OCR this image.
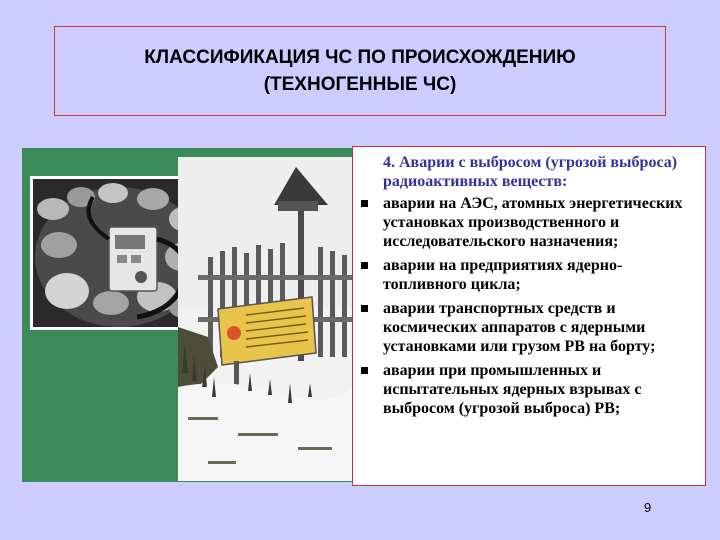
КЛАССИФИКАЦИЯ ЧС ПО ПРОИСХОЖДЕНИЮ
(ТЕХНОГЕННЫЕ ЧС)
4. Аварии с выбросом (угрозой выброса) радиоактивных веществ:
аварии на АЭС, атомных энергетических установках производственного и исследовательского назначения;
аварии на предприятиях ядерно-топливного цикла;
аварии транспортных средств и космических аппаратов с ядерными установками или грузом РВ на борту;
аварии при промышленных и испытательных ядерных взрывах с выбросом (угрозой выброса) РВ;
9
